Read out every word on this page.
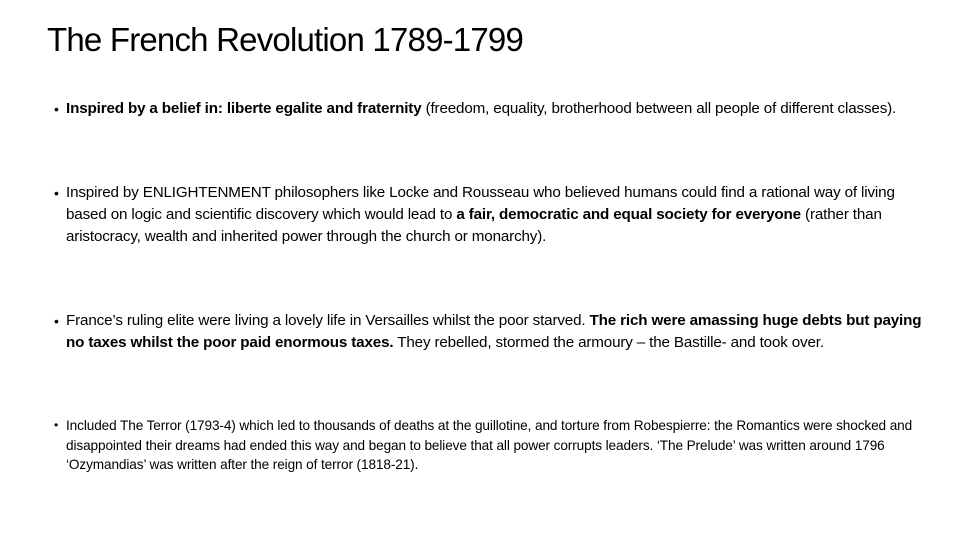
The French Revolution 1789-1799
• Inspired by a belief in: liberte egalite and fraternity (freedom, equality, brotherhood between all people of different classes).
• Inspired by ENLIGHTENMENT philosophers like Locke and Rousseau who believed humans could find a rational way of living based on logic and scientific discovery which would lead to a fair, democratic and equal society for everyone (rather than aristocracy, wealth and inherited power through the church or monarchy).
• France’s ruling elite were living a lovely life in Versailles whilst the poor starved. The rich were amassing huge debts but paying no taxes whilst the poor paid enormous taxes. They rebelled, stormed the armoury – the Bastille- and took over.
• Included The Terror (1793-4) which led to thousands of deaths at the guillotine, and torture from Robespierre: the Romantics were shocked and disappointed their dreams had ended this way and began to believe that all power corrupts leaders. ‘The Prelude’ was written around 1796 ‘Ozymandias’ was written after the reign of terror (1818-21).
